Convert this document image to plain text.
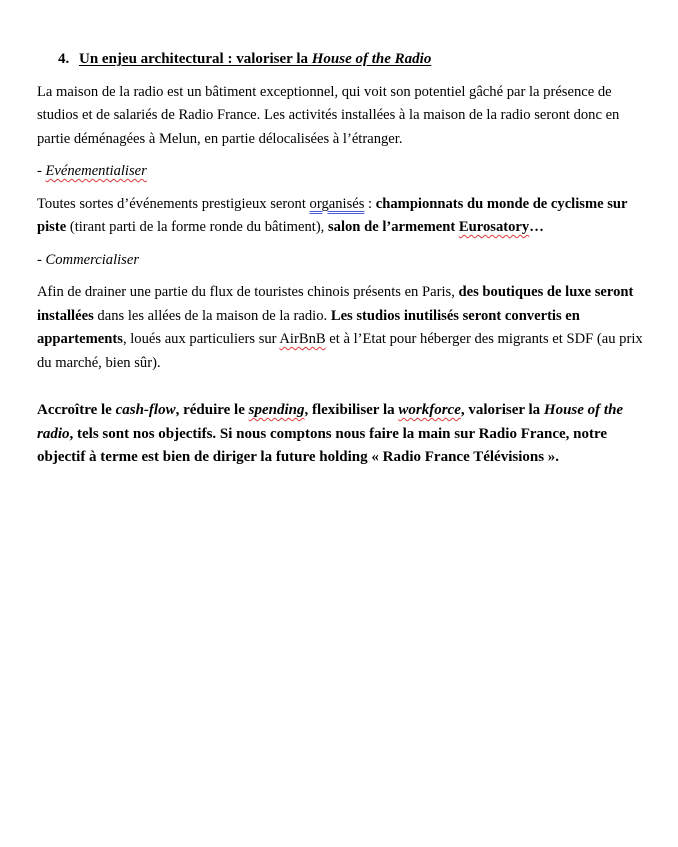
4. Un enjeu architectural : valoriser la House of the Radio

La maison de la radio est un bâtiment exceptionnel, qui voit son potentiel gâché par la présence de studios et de salariés de Radio France. Les activités installées à la maison de la radio seront donc en partie déménagées à Melun, en partie délocalisées à l’étranger.

- Evénementialiser

Toutes sortes d’événements prestigieux seront organisés : championnats du monde de cyclisme sur piste (tirant parti de la forme ronde du bâtiment), salon de l’armement Eurosatory…

- Commercialiser

Afin de drainer une partie du flux de touristes chinois présents en Paris, des boutiques de luxe seront installées dans les allées de la maison de la radio. Les studios inutilisés seront convertis en appartements, loués aux particuliers sur AirBnB et à l’Etat pour héberger des migrants et SDF (au prix du marché, bien sûr).

Accroître le cash-flow, réduire le spending, flexibiliser la workforce, valoriser la House of the radio, tels sont nos objectifs. Si nous comptons nous faire la main sur Radio France, notre objectif à terme est bien de diriger la future holding « Radio France Télévisions ».
